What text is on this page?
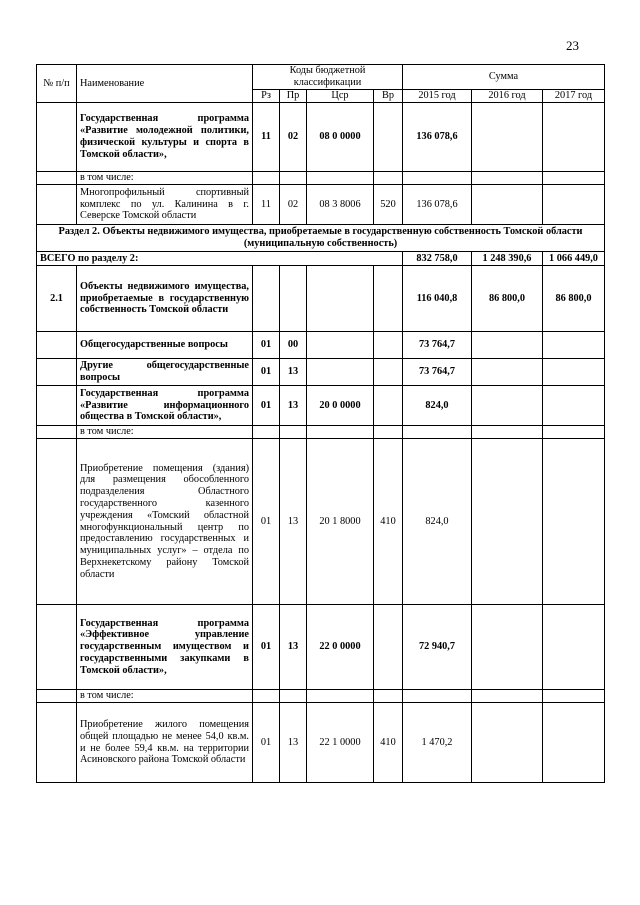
23
№ п/п	Наименование	Коды бюджетной классификации				Сумма		
		Рз	Пр	Цср	Вр	2015 год	2016 год	2017 год
	Государственная программа «Развитие молодежной политики, физической культуры и спорта в Томской области»,	11	02	08 0 0000		136 078,6		
	в том числе:							
	Многопрофильный спортивный комплекс по ул. Калинина в г. Северске Томской области	11	02	08 3 8006	520	136 078,6		
Раздел 2. Объекты недвижимого имущества, приобретаемые в государственную собственность Томской области (муниципальную собственность)								
ВСЕГО по разделу 2:						832 758,0	1 248 390,6	1 066 449,0
2.1	Объекты недвижимого имущества, приобретаемые в государственную собственность Томской области					116 040,8	86 800,0	86 800,0
	Общегосударственные вопросы	01	00			73 764,7		
	Другие общегосударственные вопросы	01	13			73 764,7		
	Государственная программа «Развитие информационного общества в Томской области»,	01	13	20 0 0000		824,0		
	в том числе:							
	Приобретение помещения (здания) для размещения обособленного подразделения Областного государственного казенного учреждения «Томский областной многофункциональный центр по предоставлению государственных и муниципальных услуг» – отдела по Верхнекетскому району Томской области	01	13	20 1 8000	410	824,0		
	Государственная программа «Эффективное управление государственным имуществом и государственными закупками в Томской области»,	01	13	22 0 0000		72 940,7		
	в том числе:							
	Приобретение жилого помещения общей площадью не менее 54,0 кв.м. и не более 59,4 кв.м. на территории Асиновского района Томской области	01	13	22 1 0000	410	1 470,2		
